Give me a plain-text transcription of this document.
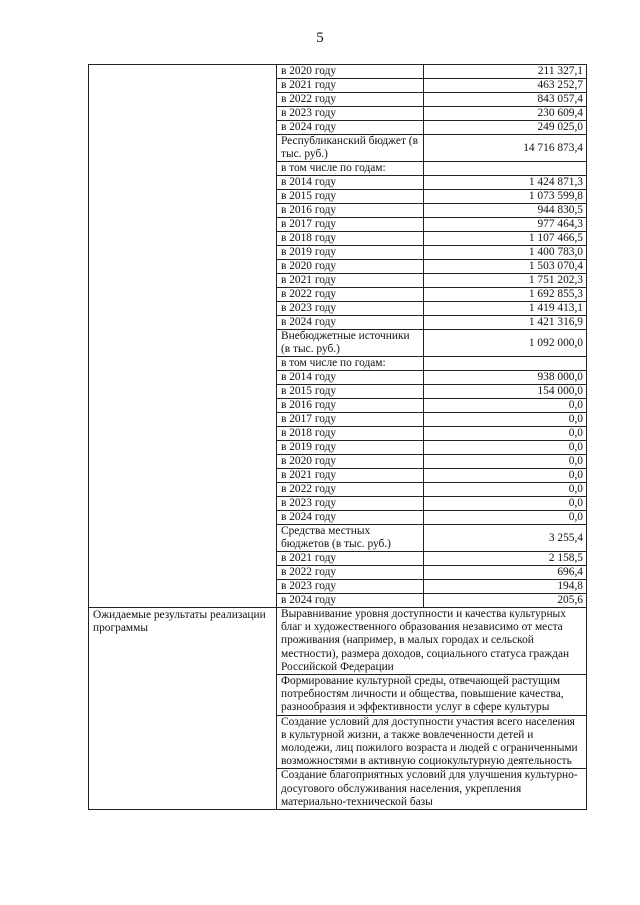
5
	в 2020 году	211 327,1
	в 2021 году	463 252,7
	в 2022 году	843 057,4
	в 2023 году	230 609,4
	в 2024 году	249 025,0
	Республиканский бюджет (в тыс. руб.)	14 716 873,4
	в том числе по годам:	
	в 2014 году	1 424 871,3
	в 2015 году	1 073 599,8
	в 2016 году	944 830,5
	в 2017 году	977 464,3
	в 2018 году	1 107 466,5
	в 2019 году	1 400 783,0
	в 2020 году	1 503 070,4
	в 2021 году	1 751 202,3
	в 2022 году	1 692 855,3
	в 2023 году	1 419 413,1
	в 2024 году	1 421 316,9
	Внебюджетные источники (в тыс. руб.)	1 092 000,0
	в том числе по годам:	
	в 2014 году	938 000,0
	в 2015 году	154 000,0
	в 2016 году	0,0
	в 2017 году	0,0
	в 2018 году	0,0
	в 2019 году	0,0
	в 2020 году	0,0
	в 2021 году	0,0
	в 2022 году	0,0
	в 2023 году	0,0
	в 2024 году	0,0
	Средства местных бюджетов (в тыс. руб.)	3 255,4
	в 2021 году	2 158,5
	в 2022 году	696,4
	в 2023 году	194,8
	в 2024 году	205,6
Ожидаемые результаты реализации программы	Выравнивание уровня доступности и качества культурных благ и художественного образования независимо от места проживания (например, в малых городах и сельской местности), размера доходов, социального статуса граждан Российской Федерации	
	Формирование культурной среды, отвечающей растущим потребностям личности и общества, повышение качества, разнообразия и эффективности услуг в сфере культуры	
	Создание условий для доступности участия всего населения в культурной жизни, а также вовлеченности детей и молодежи, лиц пожилого возраста и людей с ограниченными возможностями в активную социокультурную деятельность	
	Создание благоприятных условий для улучшения культурно-досугового обслуживания населения, укрепления материально-технической базы	
